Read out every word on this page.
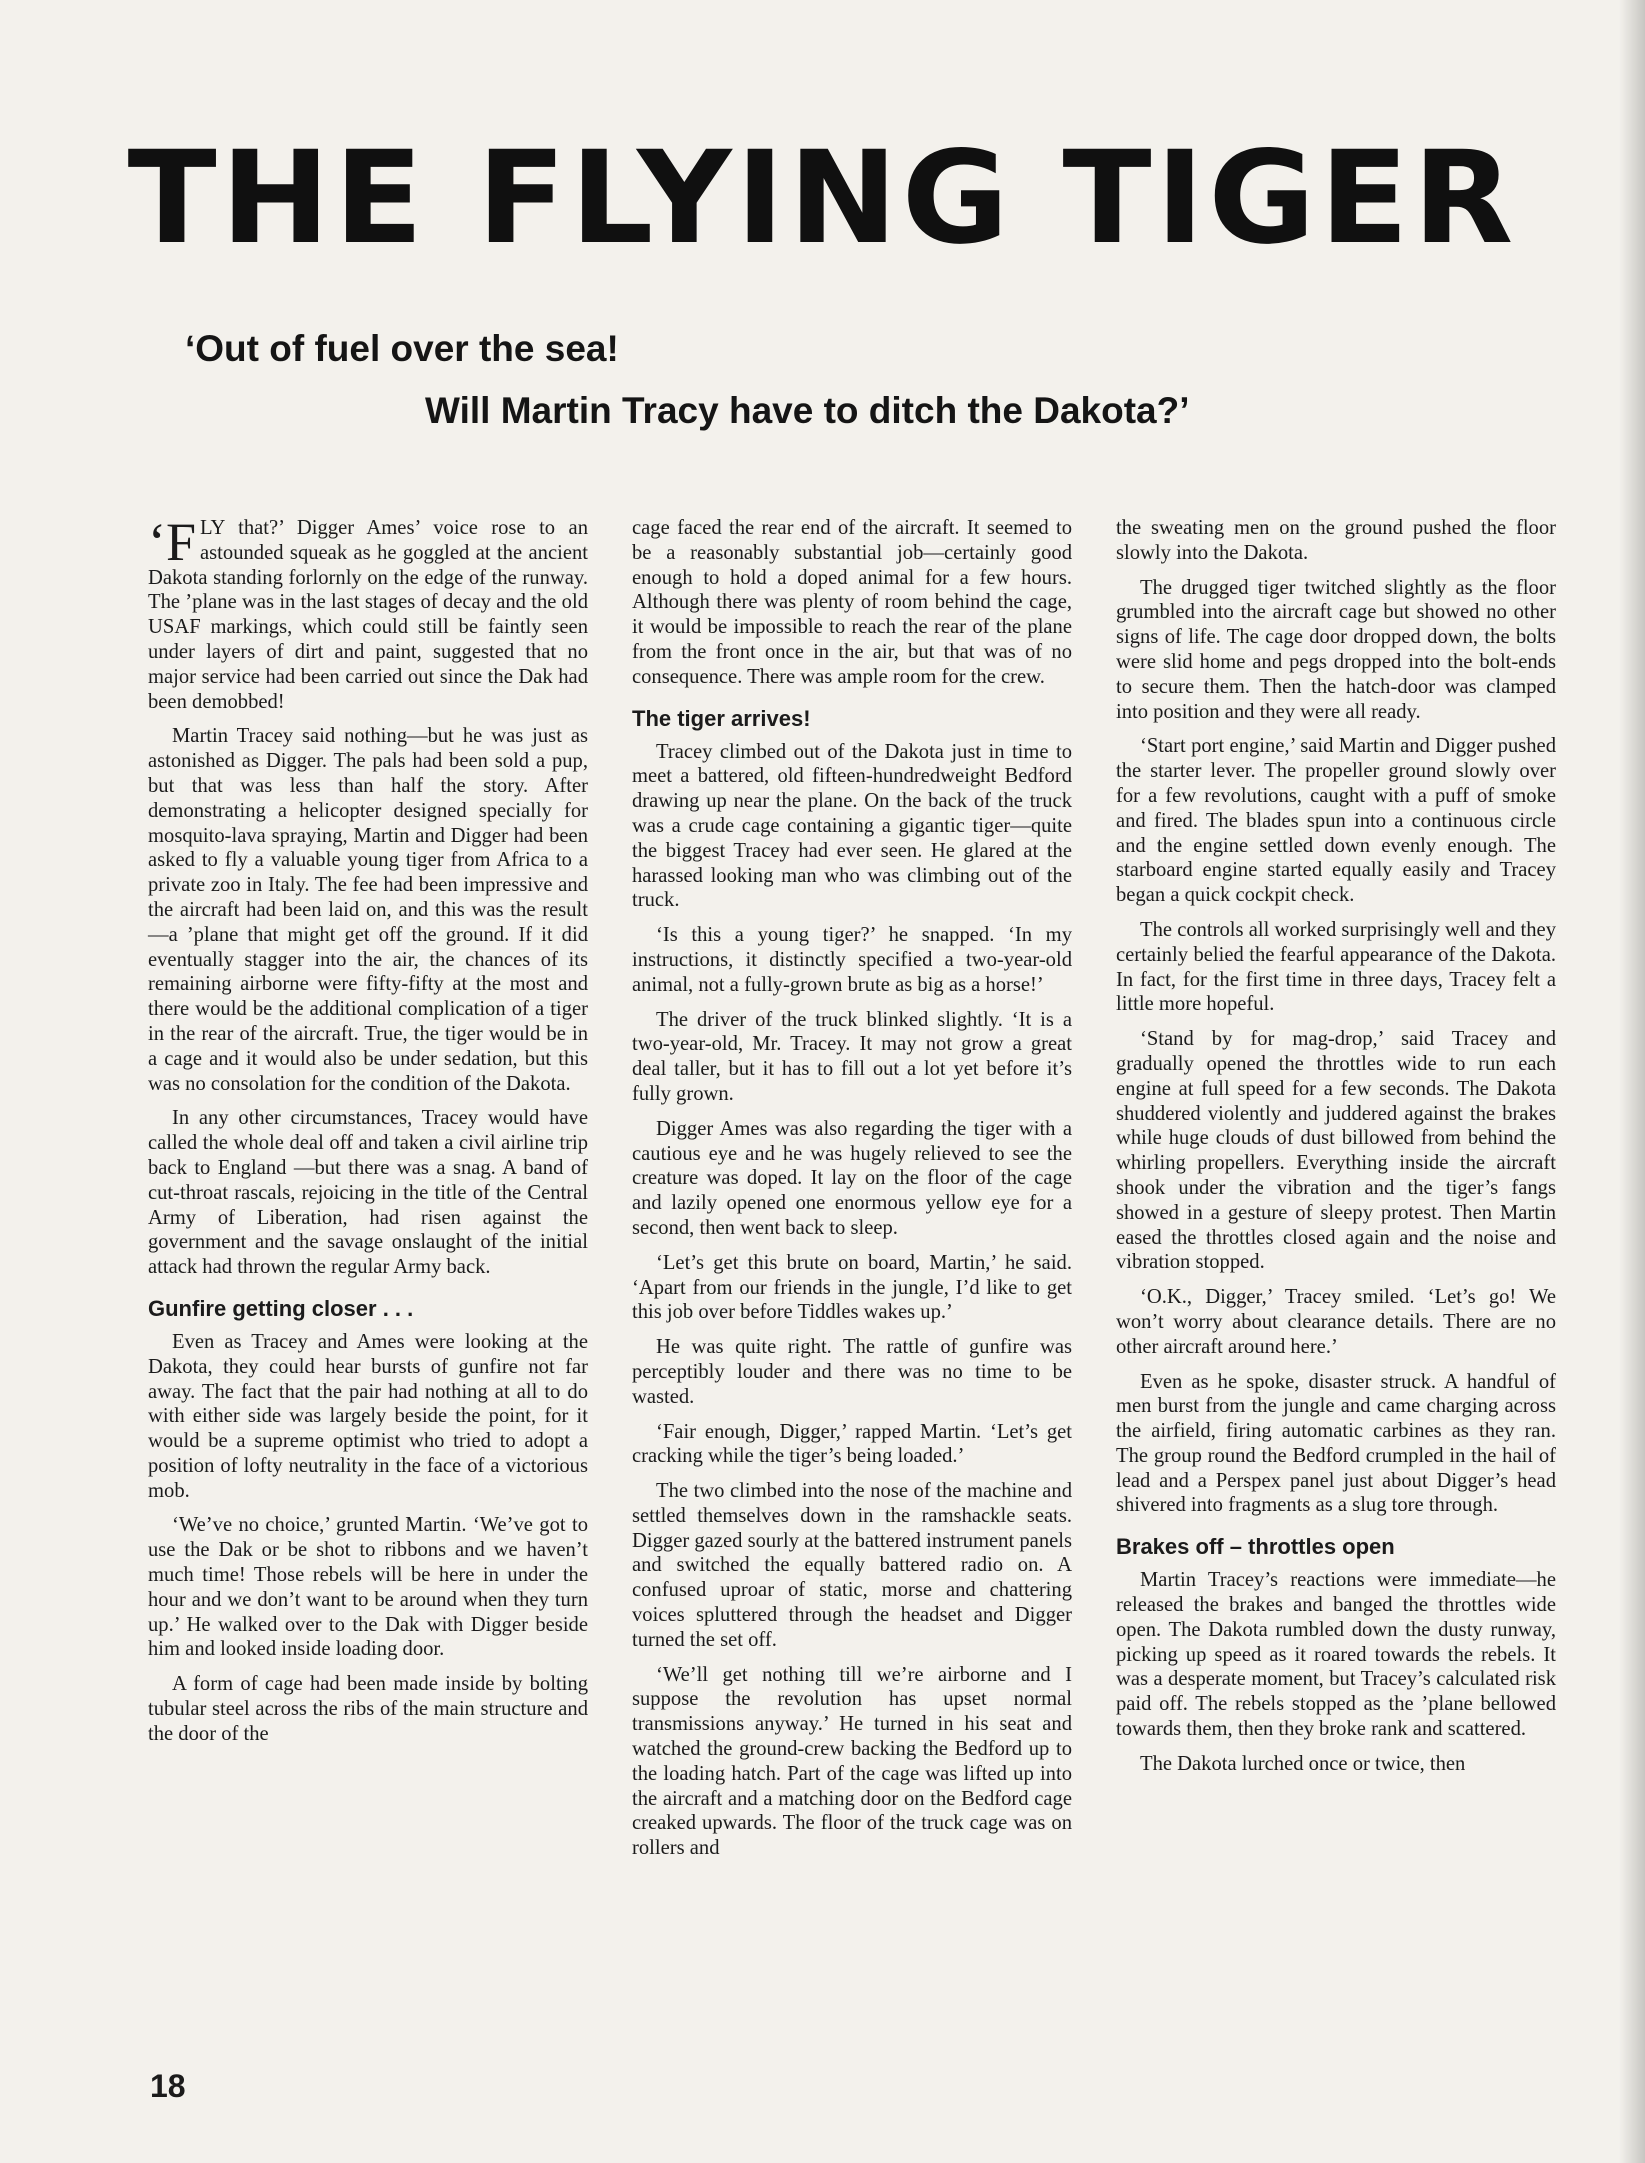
THE FLYING TIGER
‘Out of fuel over the sea!
Will Martin Tracy have to ditch the Dakota?’

‘FLY that?’ Digger Ames’ voice rose to an astounded squeak as he goggled at the ancient Dakota standing forlornly on the edge of the runway. The ’plane was in the last stages of decay and the old USAF markings, which could still be faintly seen under layers of dirt and paint, suggested that no major service had been carried out since the Dak had been demobbed!

Martin Tracey said nothing—but he was just as astonished as Digger. The pals had been sold a pup, but that was less than half the story. After demonstrating a helicopter designed specially for mosquito-lava spraying, Martin and Digger had been asked to fly a valuable young tiger from Africa to a private zoo in Italy. The fee had been impressive and the aircraft had been laid on, and this was the result—a ’plane that might get off the ground. If it did eventually stagger into the air, the chances of its remaining airborne were fifty-fifty at the most and there would be the additional complication of a tiger in the rear of the aircraft. True, the tiger would be in a cage and it would also be under sedation, but this was no consolation for the condition of the Dakota.

In any other circumstances, Tracey would have called the whole deal off and taken a civil airline trip back to England —but there was a snag. A band of cut-throat rascals, rejoicing in the title of the Central Army of Liberation, had risen against the government and the savage onslaught of the initial attack had thrown the regular Army back.

Gunfire getting closer . . .

Even as Tracey and Ames were looking at the Dakota, they could hear bursts of gunfire not far away. The fact that the pair had nothing at all to do with either side was largely beside the point, for it would be a supreme optimist who tried to adopt a position of lofty neutrality in the face of a victorious mob.

‘We’ve no choice,’ grunted Martin. ‘We’ve got to use the Dak or be shot to ribbons and we haven’t much time! Those rebels will be here in under the hour and we don’t want to be around when they turn up.’ He walked over to the Dak with Digger beside him and looked inside loading door.

A form of cage had been made inside by bolting tubular steel across the ribs of the main structure and the door of the

cage faced the rear end of the aircraft. It seemed to be a reasonably substantial job—certainly good enough to hold a doped animal for a few hours. Although there was plenty of room behind the cage, it would be impossible to reach the rear of the plane from the front once in the air, but that was of no consequence. There was ample room for the crew.

The tiger arrives!

Tracey climbed out of the Dakota just in time to meet a battered, old fifteen-hundredweight Bedford drawing up near the plane. On the back of the truck was a crude cage containing a gigantic tiger—quite the biggest Tracey had ever seen. He glared at the harassed looking man who was climbing out of the truck.

‘Is this a young tiger?’ he snapped. ‘In my instructions, it distinctly specified a two-year-old animal, not a fully-grown brute as big as a horse!’

The driver of the truck blinked slightly. ‘It is a two-year-old, Mr. Tracey. It may not grow a great deal taller, but it has to fill out a lot yet before it’s fully grown.

Digger Ames was also regarding the tiger with a cautious eye and he was hugely relieved to see the creature was doped. It lay on the floor of the cage and lazily opened one enormous yellow eye for a second, then went back to sleep.

‘Let’s get this brute on board, Martin,’ he said. ‘Apart from our friends in the jungle, I’d like to get this job over before Tiddles wakes up.’

He was quite right. The rattle of gunfire was perceptibly louder and there was no time to be wasted.

‘Fair enough, Digger,’ rapped Martin. ‘Let’s get cracking while the tiger’s being loaded.’

The two climbed into the nose of the machine and settled themselves down in the ramshackle seats. Digger gazed sourly at the battered instrument panels and switched the equally battered radio on. A confused uproar of static, morse and chattering voices spluttered through the headset and Digger turned the set off.

‘We’ll get nothing till we’re airborne and I suppose the revolution has upset normal transmissions anyway.’ He turned in his seat and watched the ground-crew backing the Bedford up to the loading hatch. Part of the cage was lifted up into the aircraft and a matching door on the Bedford cage creaked upwards. The floor of the truck cage was on rollers and

the sweating men on the ground pushed the floor slowly into the Dakota.

The drugged tiger twitched slightly as the floor grumbled into the aircraft cage but showed no other signs of life. The cage door dropped down, the bolts were slid home and pegs dropped into the bolt-ends to secure them. Then the hatch-door was clamped into position and they were all ready.

‘Start port engine,’ said Martin and Digger pushed the starter lever. The propeller ground slowly over for a few revolutions, caught with a puff of smoke and fired. The blades spun into a continuous circle and the engine settled down evenly enough. The starboard engine started equally easily and Tracey began a quick cockpit check.

The controls all worked surprisingly well and they certainly belied the fearful appearance of the Dakota. In fact, for the first time in three days, Tracey felt a little more hopeful.

‘Stand by for mag-drop,’ said Tracey and gradually opened the throttles wide to run each engine at full speed for a few seconds. The Dakota shuddered violently and juddered against the brakes while huge clouds of dust billowed from behind the whirling propellers. Everything inside the aircraft shook under the vibration and the tiger’s fangs showed in a gesture of sleepy protest. Then Martin eased the throttles closed again and the noise and vibration stopped.

‘O.K., Digger,’ Tracey smiled. ‘Let’s go! We won’t worry about clearance details. There are no other aircraft around here.’

Even as he spoke, disaster struck. A handful of men burst from the jungle and came charging across the airfield, firing automatic carbines as they ran. The group round the Bedford crumpled in the hail of lead and a Perspex panel just about Digger’s head shivered into fragments as a slug tore through.

Brakes off – throttles open

Martin Tracey’s reactions were immediate—he released the brakes and banged the throttles wide open. The Dakota rumbled down the dusty runway, picking up speed as it roared towards the rebels. It was a desperate moment, but Tracey’s calculated risk paid off. The rebels stopped as the ’plane bellowed towards them, then they broke rank and scattered.

The Dakota lurched once or twice, then

18
